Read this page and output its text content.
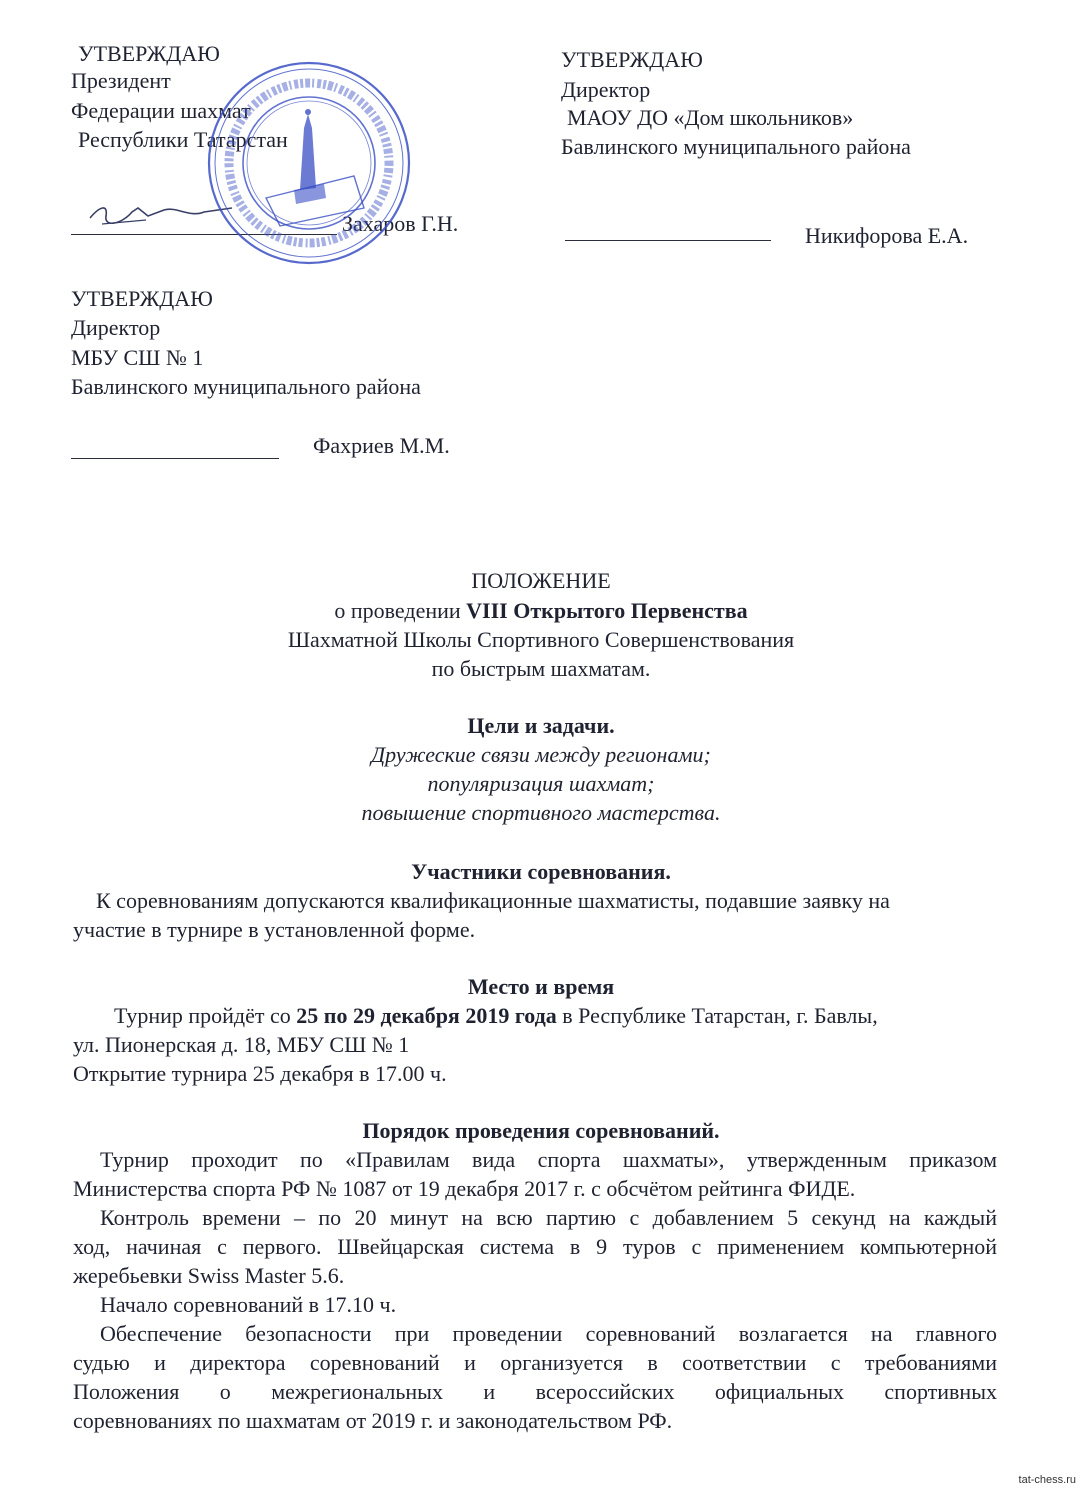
УТВЕРЖДАЮ
Президент
Федерации шахмат
Республики Татарстан
Захаров Г.Н.
УТВЕРЖДАЮ
Директор
МАОУ ДО «Дом школьников»
Бавлинского муниципального района
Никифорова Е.А.
УТВЕРЖДАЮ
Директор
МБУ СШ № 1
Бавлинского муниципального района
Фахриев М.М.
ПОЛОЖЕНИЕ
о проведении VIII Открытого Первенства
Шахматной Школы Спортивного Совершенствования
по быстрым шахматам.
Цели и задачи.
Дружеские связи между регионами;
популяризация шахмат;
повышение спортивного мастерства.
Участники соревнования.
К соревнованиям допускаются квалификационные шахматисты, подавшие заявку на
участие в турнире в установленной форме.
Место и время
Турнир пройдёт со 25 по 29 декабря 2019 года в Республике Татарстан, г. Бавлы,
ул. Пионерская д. 18, МБУ СШ № 1
Открытие турнира 25 декабря в 17.00 ч.
Порядок проведения соревнований.
Турнир проходит по «Правилам вида спорта шахматы», утвержденным приказом
Министерства спорта РФ № 1087 от 19 декабря 2017 г. с обсчётом рейтинга ФИДЕ.
Контроль времени – по 20 минут на всю партию с добавлением 5 секунд на каждый
ход, начиная с первого. Швейцарская система в 9 туров с применением компьютерной
жеребьевки Swiss Master 5.6.
Начало соревнований в 17.10 ч.
Обеспечение безопасности при проведении соревнований возлагается на главного
судью и директора соревнований и организуется в соответствии с требованиями
Положения о межрегиональных и всероссийских официальных спортивных
соревнованиях по шахматам от 2019 г. и законодательством РФ.
tat-chess.ru
